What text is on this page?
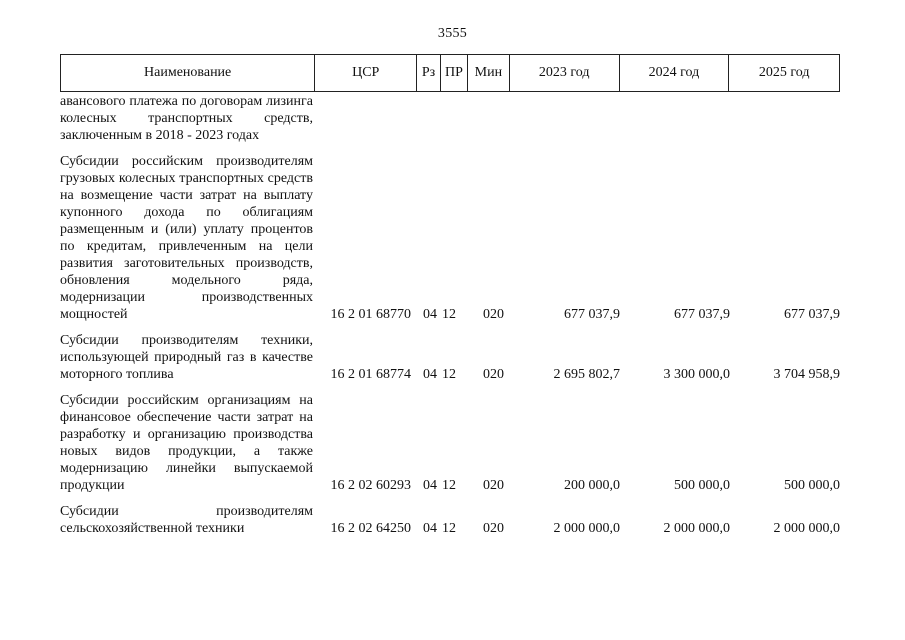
3555
Наименование	ЦСР	Рз ПР Мин	2023 год	2024 год	2025 год
авансового платежа по договорам лизинга колесных транспортных средств, заключенным в 2018 - 2023 годах
Субсидии российским производителям грузовых колесных транспортных средств на возмещение части затрат на выплату купонного дохода по облигациям размещенным и (или) уплату процентов по кредитам, привлеченным на цели развития заготовительных производств, обновления модельного ряда, модернизации производственных мощностей	16 2 01 68770 04 12	020	677 037,9	677 037,9	677 037,9
Субсидии производителям техники, использующей природный газ в качестве моторного топлива	16 2 01 68774 04 12	020	2 695 802,7	3 300 000,0	3 704 958,9
Субсидии российским организациям на финансовое обеспечение части затрат на разработку и организацию производства новых видов продукции, а также модернизацию линейки выпускаемой продукции	16 2 02 60293 04 12	020	200 000,0	500 000,0	500 000,0
Субсидии производителям сельскохозяйственной техники	16 2 02 64250 04 12	020	2 000 000,0	2 000 000,0	2 000 000,0
